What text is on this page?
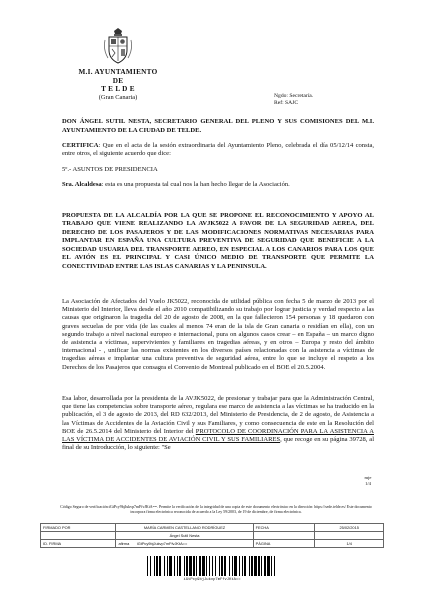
M.I. AYUNTAMIENTO
DE
T E L D E
(Gran Canaria)	Ngdo: Secretaría.
Ref: SAJC
DON ÁNGEL SUTIL NESTA, SECRETARIO GENERAL DEL PLENO Y SUS COMISIONES DEL M.I. AYUNTAMIENTO DE LA CIUDAD DE TELDE.
CERTIFICA: Que en el acta de la sesión extraordinaria del Ayuntamiento Pleno, celebrada el día 05/12/14 consta, entre otros, el siguiente acuerdo que dice:
5º.- ASUNTOS DE PRESIDENCIA
Sra. Alcaldesa: esta es una propuesta tal cual nos la han hecho llegar de la Asociación.
PROPUESTA DE LA ALCALDÍA POR LA QUE SE PROPONE EL RECONOCIMIENTO Y APOYO AL TRABAJO QUE VIENE REALIZANDO LA AVJK5022 A FAVOR DE LA SEGURIDAD AEREA, DEL DERECHO DE LOS PASAJEROS Y DE LAS MODIFICACIONES NORMATIVAS NECESARIAS PARA IMPLANTAR EN ESPAÑA UNA CULTURA PREVENTIVA DE SEGURIDAD QUE BENEFICIE A LA SOCIEDAD USUARIA DEL TRANSPORTE AEREO, EN ESPECIAL A LOS CANARIOS PARA LOS QUE EL AVIÓN ES EL PRINCIPAL Y CASI ÚNICO MEDIO DE TRANSPORTE QUE PERMITE LA CONECTIVIDAD ENTRE LAS ISLAS CANARIAS Y LA PENINSULA.
La Asociación de Afectados del Vuelo JK5022, reconocida de utilidad pública con fecha 5 de marzo de 2013 por el Ministerio del Interior, lleva desde el año 2010 compatibilizando su trabajo por lograr justicia y verdad respecto a las causas que originaron la tragedia del 20 de agosto de 2008, en la que fallecieron 154 personas y 18 quedaron con graves secuelas de por vida (de las cuales al menos 74 eran de la isla de Gran canaria o residían en ella), con un segundo trabajo a nivel nacional europeo e internacional, pura on algunos casos crear – en España – un marco digno de asistencia a víctimas, supervivientes y familiares en tragedias aéreas, y en otros – Europa y resto del ámbito internacional - , unificar las normas existentes en los diversos países relacionadas con la asistencia a víctimas de tragedias aéreas e implantar una cultura preventiva de seguridad aérea, entre lo que se incluye el respeto a los Derechos de los Pasajeros que consagra el Convenio de Montreal publicado en el BOE el 20.5.2004.
Esa labor, desarrollada por la presidenta de la AVJK5022, de presionar y trabajar para que la Administración Central, que tiene las competencias sobre transporte aéreo, regulara ese marco de asistencia a las víctimas se ha traducido en la publicación, el 3 de agosto de 2013, del RD 632/2013, del Ministerio de Presidencia, de 2 de agosto, de Asistencia a las Víctimas de Accidentes de la Aviación Civil y sus Familiares, y como consecuencia de este en la Resolución del BOE de 26.5.2014 del Ministerio del Interior del PROTOCOLO DE COORDINACIÓN PARA LA ASISTENCIA A LAS VÍCTIMA DE ACCIDENTES DE AVIACIÓN CIVIL Y SUS FAMILIARES, que recoge en su página 39728, al final de su Introducción, lo siguiente: "Se
mje
1/4
Código Seguro de verificación:iGtPcy9bjJukvp7mFfvJKtA==. Permite la verificación de la integridad de una copia de este documento electrónico en la dirección: https://sede.telde.es/ Este documento incorpora firma electrónica reconocida de acuerdo a la Ley 59/2003, de 19 de diciembre, de firma electrónica.
FIRMADO POR	MARÍA CARMEN CASTELLANO RODRÍGUEZ	FECHA	25/02/2015
	Ángel Sutil Nesta		
ID. FIRMA	afirma iGtPcy9bjJukvp7mFfvJKtA==	PÁGINA	1/4
iGtPcy9bjJukvp7mFfvJKtA==
